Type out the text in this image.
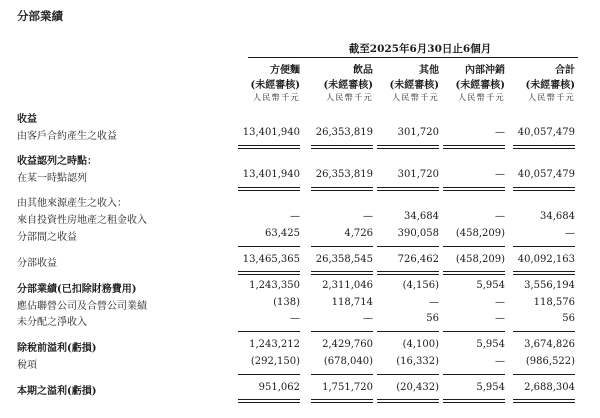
分部業績
截至2025年6月30日止6個月
方便麵	飲品	其他	內部沖銷	合計
(未經審核) (未經審核) (未經審核) (未經審核) (未經審核)
人民幣千元	人民幣千元 人民幣千元 人民幣千元	人民幣千元
收益
由客戶合約產生之收益	13,401,940 26,353,819 301,720	— 40,057,479
收益認列之時點：
在某一時點認列	13,401,940 26,353,819 301,720	— 40,057,479
由其他來源產生之收入：
來自投資性房地產之租金收入	—	—	34,684	—	34,684
分部間之收益	63,425	4,726 390,058 (458,209)	—
分部收益	13,465,365 26,358,545 726,462 (458,209) 40,092,163
分部業績(已扣除財務費用)	1,243,350 2,311,046	(4,156)	5,954 3,556,194
應佔聯營公司及合營公司業績	(138)	118,714	—	—	118,576
未分配之淨收入	—	—	56	—	56
除稅前溢利(虧損)	1,243,212 2,429,760	(4,100)	5,954 3,674,826
稅項	(292,150) (678,040) (16,332)	— (986,522)
本期之溢利(虧損)	951,062 1,751,720 (20,432)	5,954 2,688,304
